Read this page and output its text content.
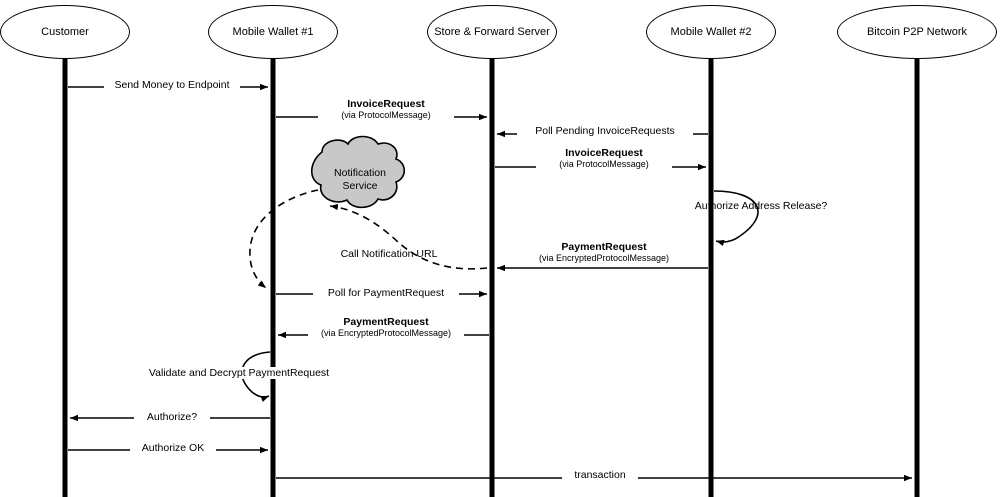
Customer	Mobile Wallet #1	Store & Forward Server	Mobile Wallet #2	Bitcoin P2P Network
Notification
Service
Send Money to Endpoint
InvoiceRequest
(via ProtocolMessage)
Poll Pending InvoiceRequests
InvoiceRequest
(via ProtocolMessage)
Authorize Address Release?
PaymentRequest
(via EncryptedProtocolMessage)
Call Notification URL
Poll for PaymentRequest
PaymentRequest
(via EncryptedProtocolMessage)
Validate and Decrypt PaymentRequest
Authorize?
Authorize OK
transaction
